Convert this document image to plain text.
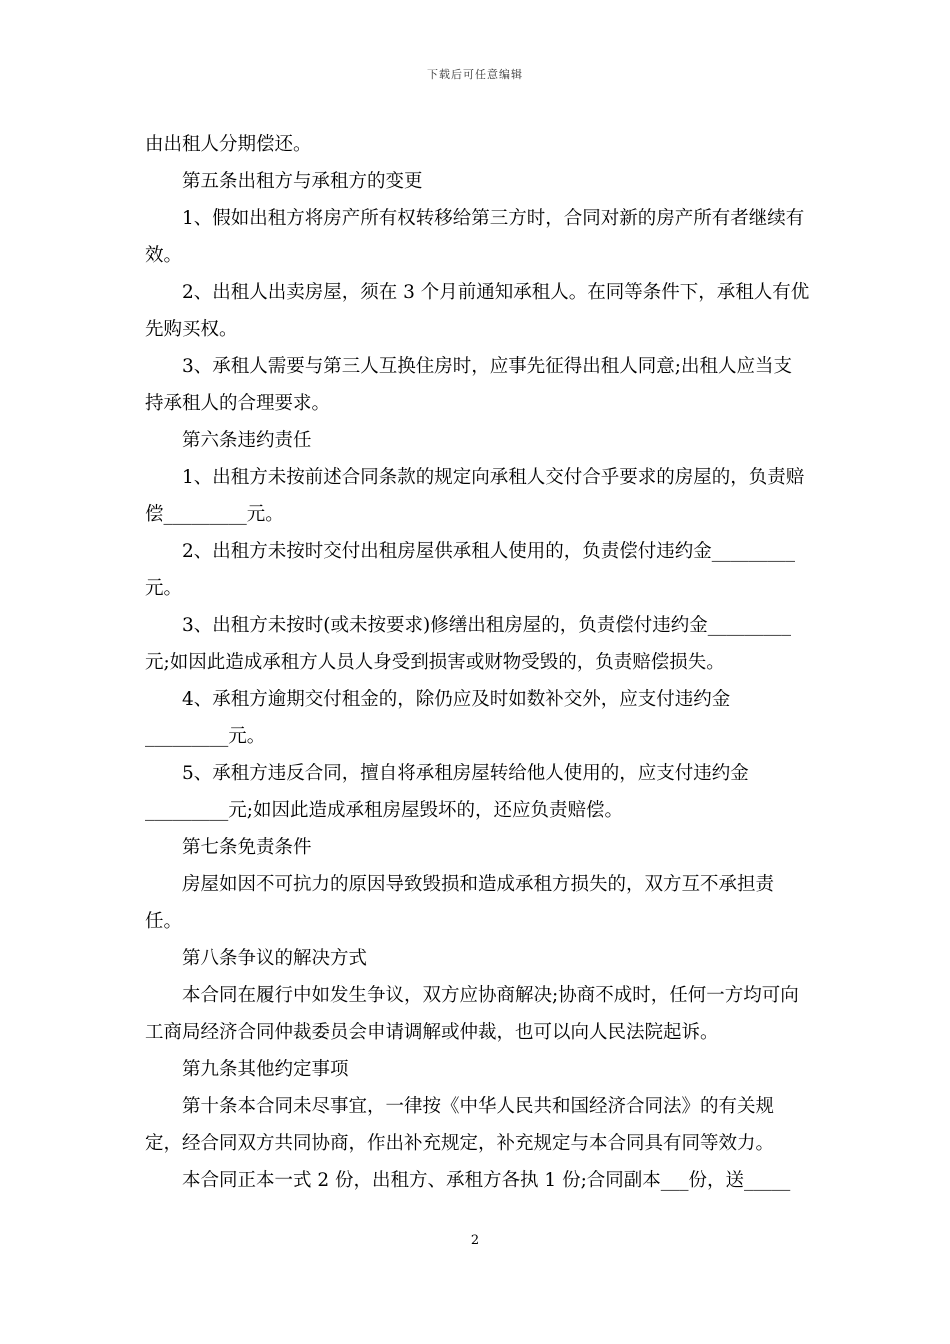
下载后可任意编辑

由出租人分期偿还。

第五条出租方与承租方的变更

1、假如出租方将房产所有权转移给第三方时，合同对新的房产所有者继续有效。

2、出租人出卖房屋，须在 3 个月前通知承租人。在同等条件下，承租人有优先购买权。

3、承租人需要与第三人互换住房时，应事先征得出租人同意;出租人应当支持承租人的合理要求。

第六条违约责任

1、出租方未按前述合同条款的规定向承租人交付合乎要求的房屋的，负责赔偿_________元。

2、出租方未按时交付出租房屋供承租人使用的，负责偿付违约金_________元。

3、出租方未按时(或未按要求)修缮出租房屋的，负责偿付违约金_________元;如因此造成承租方人员人身受到损害或财物受毁的，负责赔偿损失。

4、承租方逾期交付租金的，除仍应及时如数补交外，应支付违约金_________元。

5、承租方违反合同，擅自将承租房屋转给他人使用的，应支付违约金_________元;如因此造成承租房屋毁坏的，还应负责赔偿。

第七条免责条件

房屋如因不可抗力的原因导致毁损和造成承租方损失的，双方互不承担责任。

第八条争议的解决方式

本合同在履行中如发生争议，双方应协商解决;协商不成时，任何一方均可向工商局经济合同仲裁委员会申请调解或仲裁，也可以向人民法院起诉。

第九条其他约定事项

第十条本合同未尽事宜，一律按《中华人民共和国经济合同法》的有关规定，经合同双方共同协商，作出补充规定，补充规定与本合同具有同等效力。

本合同正本一式 2 份，出租方、承租方各执 1 份;合同副本___份，送_____

2
